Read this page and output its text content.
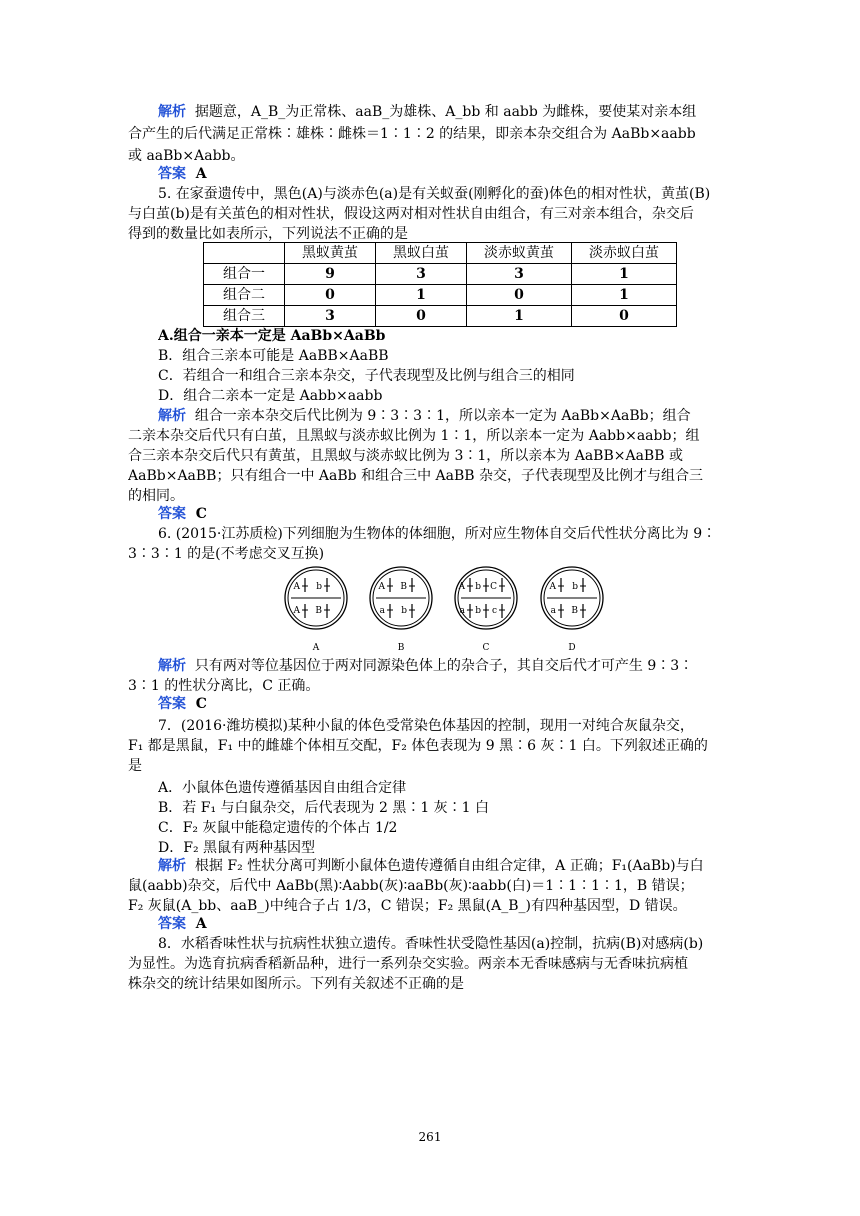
解析 据题意，A_B_为正常株、aaB_为雄株、A_bb 和 aabb 为雌株，要使某对亲本组
合产生的后代满足正常株∶雄株∶雌株＝1∶1∶2 的结果，即亲本杂交组合为 AaBb×aabb
或 aaBb×Aabb。
答案 A
5. 在家蚕遗传中，黑色(A)与淡赤色(a)是有关蚁蚕(刚孵化的蚕)体色的相对性状，黄茧(B)
与白茧(b)是有关茧色的相对性状，假设这两对相对性状自由组合，有三对亲本组合，杂交后
得到的数量比如表所示，下列说法不正确的是
	黑蚁黄茧	黑蚁白茧	淡赤蚁黄茧	淡赤蚁白茧
组合一	9	3	3	1
组合二	0	1	0	1
组合三	3	0	1	0
A.组合一亲本一定是 AaBb×AaBb
B．组合三亲本可能是 AaBB×AaBB
C．若组合一和组合三亲本杂交，子代表现型及比例与组合三的相同
D．组合二亲本一定是 Aabb×aabb
解析 组合一亲本杂交后代比例为 9∶3∶3∶1，所以亲本一定为 AaBb×AaBb；组合
二亲本杂交后代只有白茧，且黑蚁与淡赤蚁比例为 1∶1，所以亲本一定为 Aabb×aabb；组
合三亲本杂交后代只有黄茧，且黑蚁与淡赤蚁比例为 3∶1，所以亲本为 AaBB×AaBB 或
AaBb×AaBB；只有组合一中 AaBb 和组合三中 AaBB 杂交，子代表现型及比例才与组合三
的相同。
答案 C
6. (2015·江苏质检)下列细胞为生物体的体细胞，所对应生物体自交后代性状分离比为 9∶
3∶3∶1 的是(不考虑交叉互换)
A
A
b
B
A
A
a
B
b
B
A
a
b
b
C
c
C
A
a
b
B
D
解析 只有两对等位基因位于两对同源染色体上的杂合子，其自交后代才可产生 9∶3∶
3∶1 的性状分离比，C 正确。
答案 C
7．(2016·潍坊模拟)某种小鼠的体色受常染色体基因的控制，现用一对纯合灰鼠杂交，
F₁ 都是黑鼠，F₁ 中的雌雄个体相互交配，F₂ 体色表现为 9 黑∶6 灰∶1 白。下列叙述正确的
是
A．小鼠体色遗传遵循基因自由组合定律
B．若 F₁ 与白鼠杂交，后代表现为 2 黑∶1 灰∶1 白
C．F₂ 灰鼠中能稳定遗传的个体占 1/2
D．F₂ 黑鼠有两种基因型
解析 根据 F₂ 性状分离可判断小鼠体色遗传遵循自由组合定律，A 正确；F₁(AaBb)与白
鼠(aabb)杂交，后代中 AaBb(黑)∶Aabb(灰)∶aaBb(灰)∶aabb(白)＝1∶1∶1∶1，B 错误；
F₂ 灰鼠(A_bb、aaB_)中纯合子占 1/3，C 错误；F₂ 黑鼠(A_B_)有四种基因型，D 错误。
答案 A
8．水稻香味性状与抗病性状独立遗传。香味性状受隐性基因(a)控制，抗病(B)对感病(b)
为显性。为选育抗病香稻新品种，进行一系列杂交实验。两亲本无香味感病与无香味抗病植
株杂交的统计结果如图所示。下列有关叙述不正确的是
261
